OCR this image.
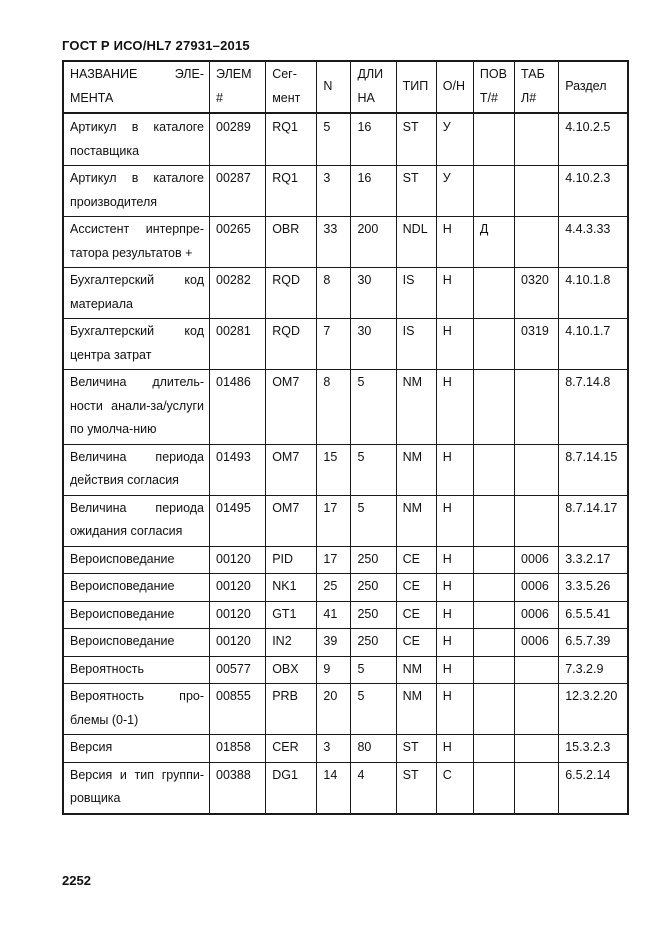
ГОСТ Р ИСО/HL7 27931–2015
НАЗВАНИЕ ЭЛЕ-МЕНТА	ЭЛЕМ #	Сег-мент	N	ДЛИ НА	ТИП	О/Н	ПОВ Т/#	ТАБ Л#	Раздел
Артикул в каталоге поставщика	00289	RQ1	5	16	ST	У			4.10.2.5
Артикул в каталоге производителя	00287	RQ1	3	16	ST	У			4.10.2.3
Ассистент интерпре-татора результатов +	00265	OBR	33	200	NDL	Н	Д		4.4.3.33
Бухгалтерский код материала	00282	RQD	8	30	IS	Н		0320	4.10.1.8
Бухгалтерский код центра затрат	00281	RQD	7	30	IS	Н		0319	4.10.1.7
Величина длитель-ности анали-за/услуги по умолча-нию	01486	OM7	8	5	NM	Н			8.7.14.8
Величина периода действия согласия	01493	OM7	15	5	NM	Н			8.7.14.15
Величина периода ожидания согласия	01495	OM7	17	5	NM	Н			8.7.14.17
Вероисповедание	00120	PID	17	250	CE	Н		0006	3.3.2.17
Вероисповедание	00120	NK1	25	250	CE	Н		0006	3.3.5.26
Вероисповедание	00120	GT1	41	250	CE	Н		0006	6.5.5.41
Вероисповедание	00120	IN2	39	250	CE	Н		0006	6.5.7.39
Вероятность	00577	OBX	9	5	NM	Н			7.3.2.9
Вероятность про-блемы (0-1)	00855	PRB	20	5	NM	Н			12.3.2.20
Версия	01858	CER	3	80	ST	Н			15.3.2.3
Версия и тип группи-ровщика	00388	DG1	14	4	ST	С			6.5.2.14
2252
